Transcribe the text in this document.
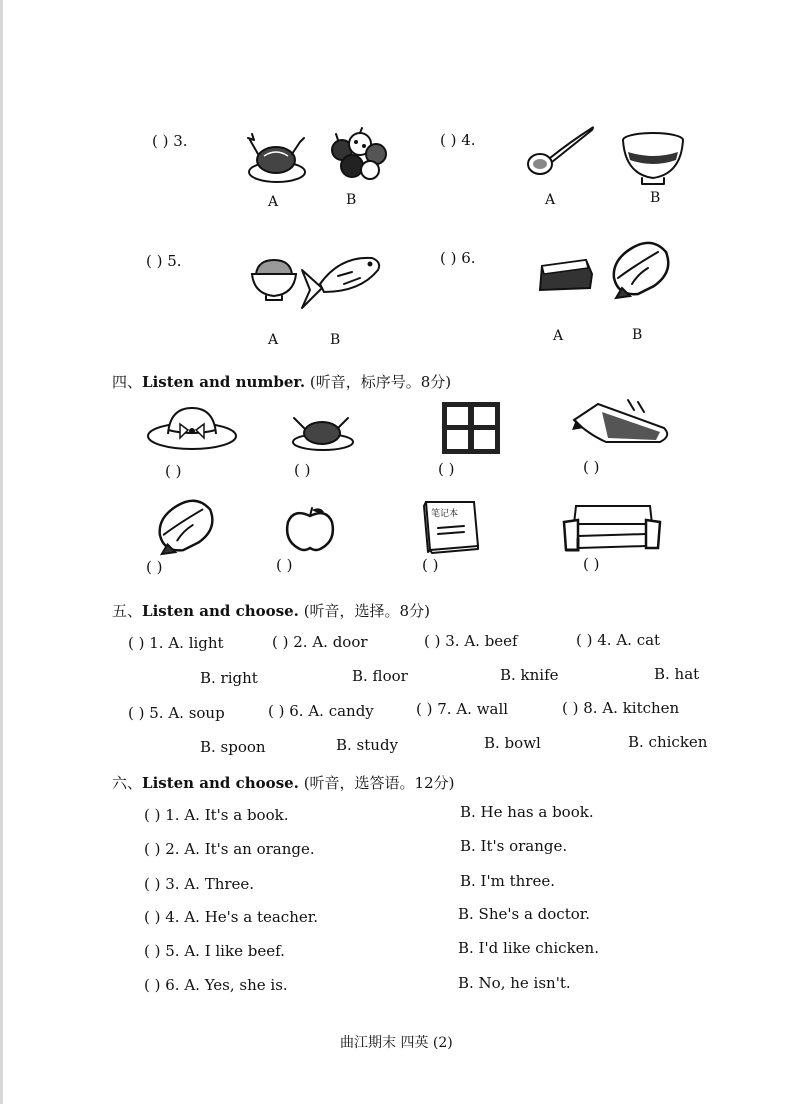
( ) 3.
A	B
( ) 4.
A	B
( ) 5.
A	B
( ) 6.
A	B
四、Listen and number. (听音，标序号。8分)
( )	( )	( )	( )
笔记本
( )	( )	( )	( )
五、Listen and choose. (听音，选择。8分)
( ) 1. A. light	( ) 2. A. door	( ) 3. A. beef	( ) 4. A. cat
B. right	B. floor	B. knife	B. hat
( ) 5. A. soup	( ) 6. A. candy	( ) 7. A. wall	( ) 8. A. kitchen
B. spoon	B. study	B. bowl	B. chicken
六、Listen and choose. (听音，选答语。12分)
( ) 1. A. It's a book.	B. He has a book.
( ) 2. A. It's an orange.	B. It's orange.
( ) 3. A. Three.	B. I'm three.
( ) 4. A. He's a teacher.	B. She's a doctor.
( ) 5. A. I like beef.	B. I'd like chicken.
( ) 6. A. Yes, she is.	B. No, he isn't.
曲江期末 四英 (2)
